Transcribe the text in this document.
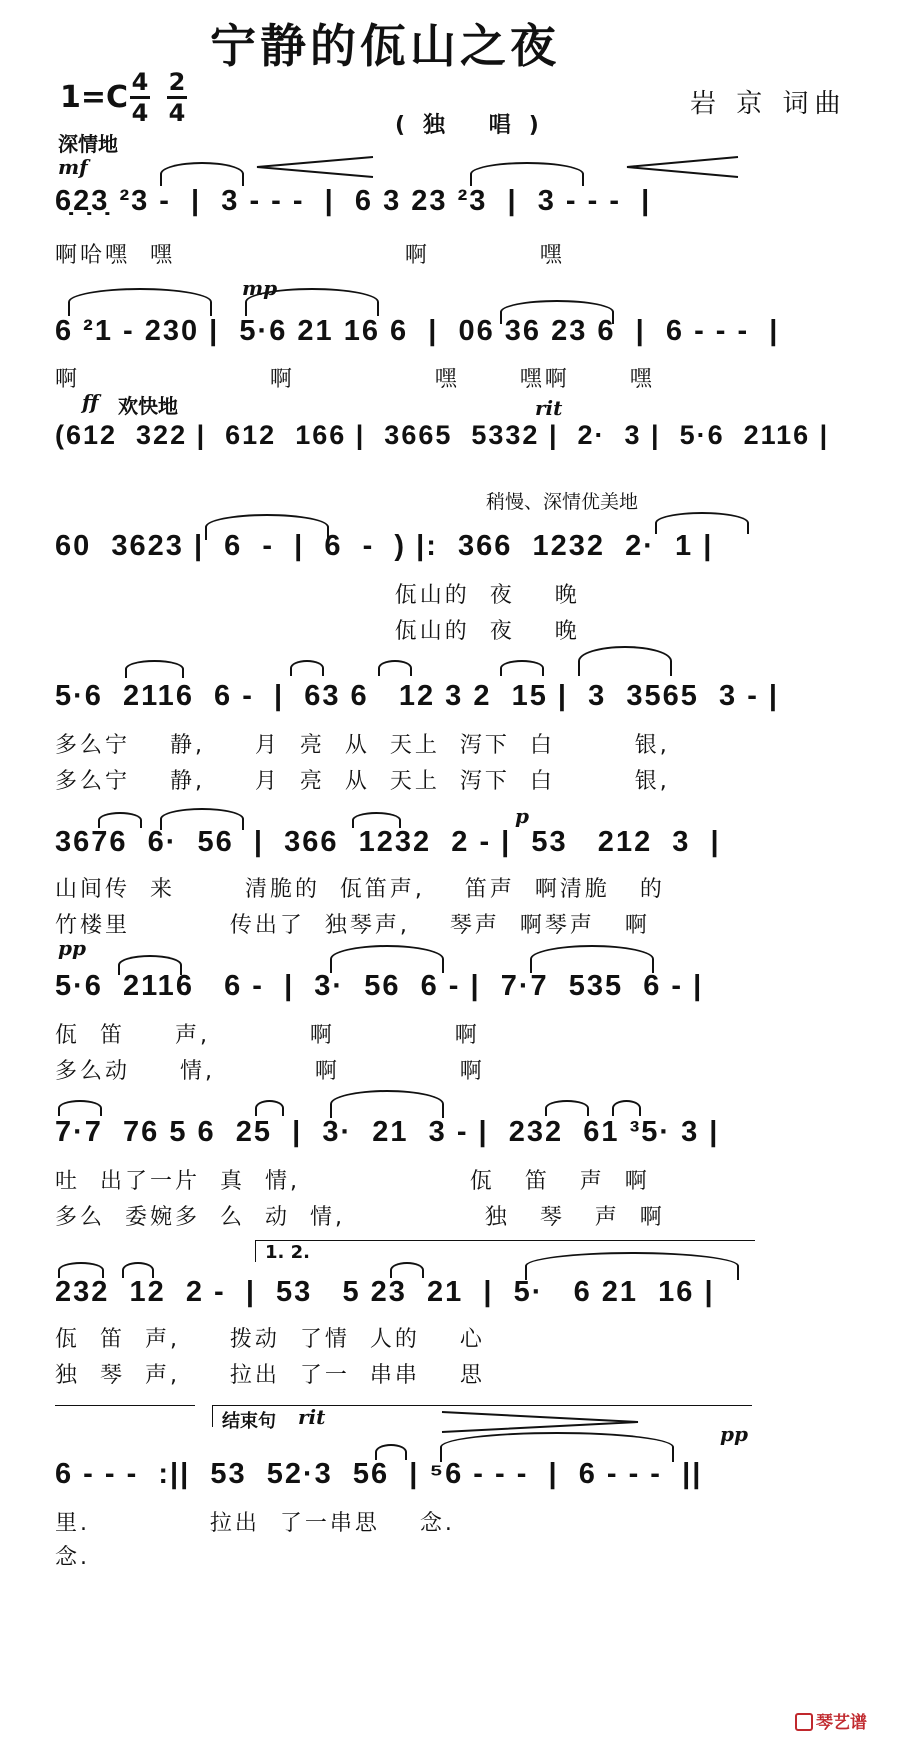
宁静的佤山之夜
1=C 4
4
2
4	(独 唱)
岩 京 词曲
深情地
mf
6̣2̣3̣ ²3 -  |  3 - - -  |  6 3 23 ²3  |  3 - - -  |
啊哈嘿  嘿                       啊           嘿
mp
6 ²1 - 230 |  5·6 21 16 6  |  06 36 23 6  |  6 - - -  |
啊                   啊              嘿      嘿啊      嘿
ff 欢快地	rit
(612  322 |  612  166 |  3665  5332 |  2·  3 |  5·6  2116 |
稍慢、深情优美地
60  3623 |  6  -  |  6  -  ) |:  366  1232  2·  1 |
佤山的  夜    晚
佤山的  夜    晚
5·6  2116  6 -  |  63 6   12 3 2  15 |  3  3565  3 - |
多么宁    静,     月  亮  从  天上  泻下  白        银,
多么宁    静,     月  亮  从  天上  泻下  白        银,
p
3676  6·  56  |  366  1232  2 - |  53   212  3  |
山间传  来       清脆的  佤笛声,    笛声  啊清脆   的
竹楼里          传出了  独琴声,    琴声  啊琴声   啊
pp
5·6  2116   6 -  |  3·  56  6 - |  7·7  535  6 - |
佤  笛     声,          啊            啊
多么动     情,          啊            啊
7·7  76 5 6  25  |  3·  21  3 - |  232  61 ³5· 3 |
吐  出了一片  真  情,                 佤   笛   声  啊
多么  委婉多  么  动  情,              独   琴   声  啊
1. 2.
232  12  2 -  |  53   5 23  21  |  5·   6 21  16 |
佤  笛  声,     拨动  了情  人的    心
独  琴  声,     拉出  了一  串串    思
结束句 rit
pp
6 - - -  :||  53  52·3  56  | ⁵6 - - -  |  6 - - -  ||
里.            拉出  了一串思    念.
念.
琴艺谱
